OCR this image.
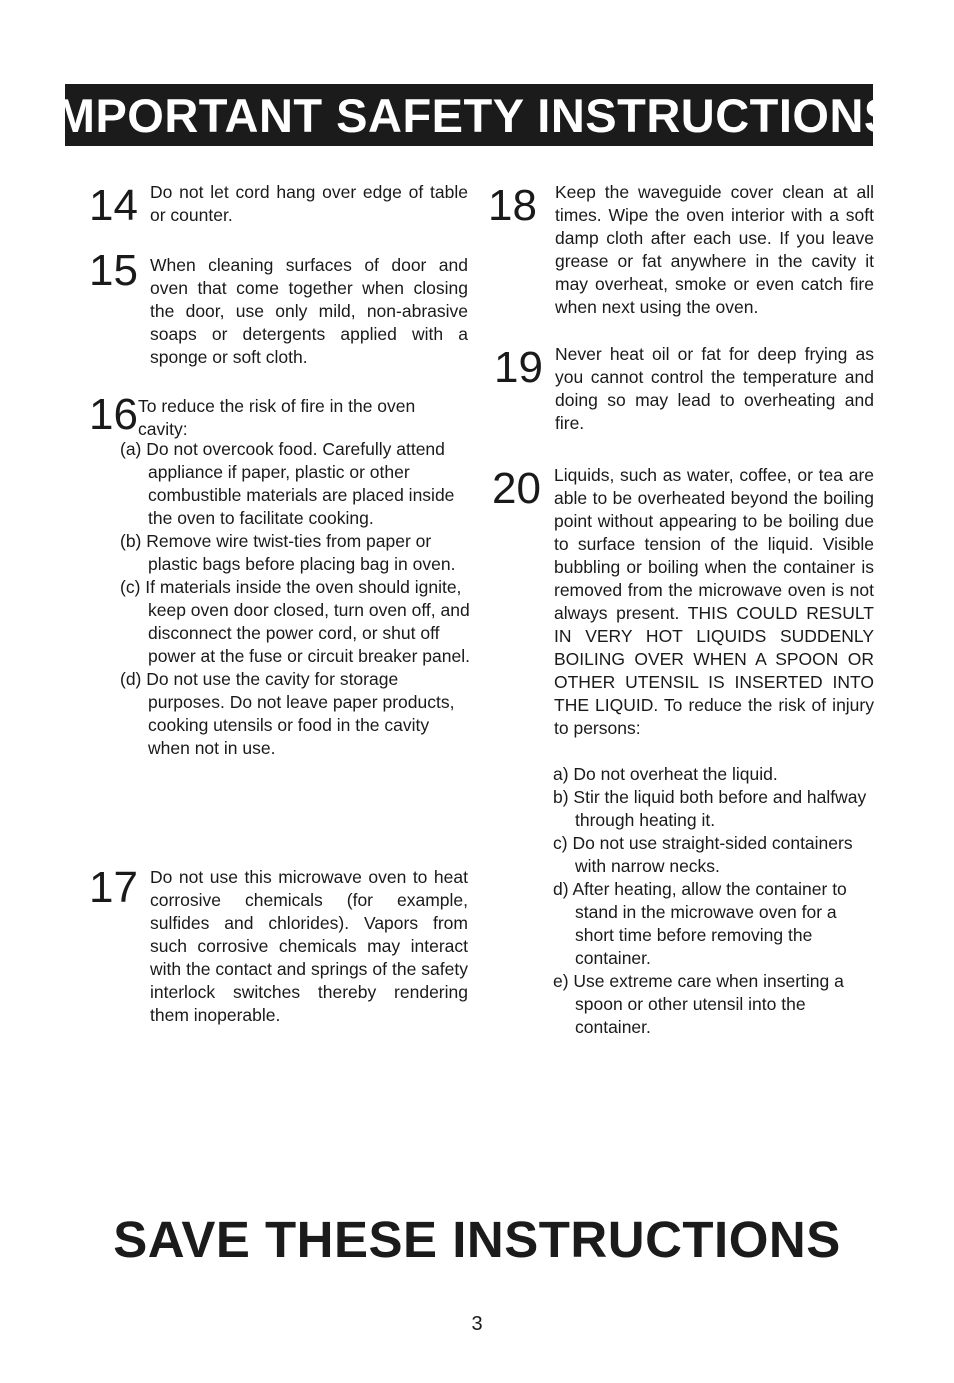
IMPORTANT SAFETY INSTRUCTIONS
14 Do not let cord hang over edge of table or counter.
15 When cleaning surfaces of door and oven that come together when closing the door, use only mild, non-abrasive soaps or detergents applied with a sponge or soft cloth.
16 To reduce the risk of fire in the oven cavity:
(a) Do not overcook food. Carefully attend appliance if paper, plastic or other combustible materials are placed inside the oven to facilitate cooking.
(b) Remove wire twist-ties from paper or plastic bags before placing bag in oven.
(c) If materials inside the oven should ignite, keep oven door closed, turn oven off, and disconnect the power cord, or shut off power at the fuse or circuit breaker panel.
(d) Do not use the cavity for storage purposes. Do not leave paper products, cooking utensils or food in the cavity when not in use.
17 Do not use this microwave oven to heat corrosive chemicals (for example, sulfides and chlorides). Vapors from such corrosive chemicals may interact with the contact and springs of the safety interlock switches thereby rendering them inoperable.
18 Keep the waveguide cover clean at all times. Wipe the oven interior with a soft damp cloth after each use. If you leave grease or fat anywhere in the cavity it may overheat, smoke or even catch fire when next using the oven.
19 Never heat oil or fat for deep frying as you cannot control the temperature and doing so may lead to overheating and fire.
20 Liquids, such as water, coffee, or tea are able to be overheated beyond the boiling point without appearing to be boiling due to surface tension of the liquid. Visible bubbling or boiling when the container is removed from the microwave oven is not always present. THIS COULD RESULT IN VERY HOT LIQUIDS SUDDENLY BOILING OVER WHEN A SPOON OR OTHER UTENSIL IS INSERTED INTO THE LIQUID. To reduce the risk of injury to persons:
a) Do not overheat the liquid.
b) Stir the liquid both before and halfway through heating it.
c) Do not use straight-sided containers with narrow necks.
d) After heating, allow the container to stand in the microwave oven for a short time before removing the container.
e) Use extreme care when inserting a spoon or other utensil into the container.
SAVE THESE INSTRUCTIONS
3
